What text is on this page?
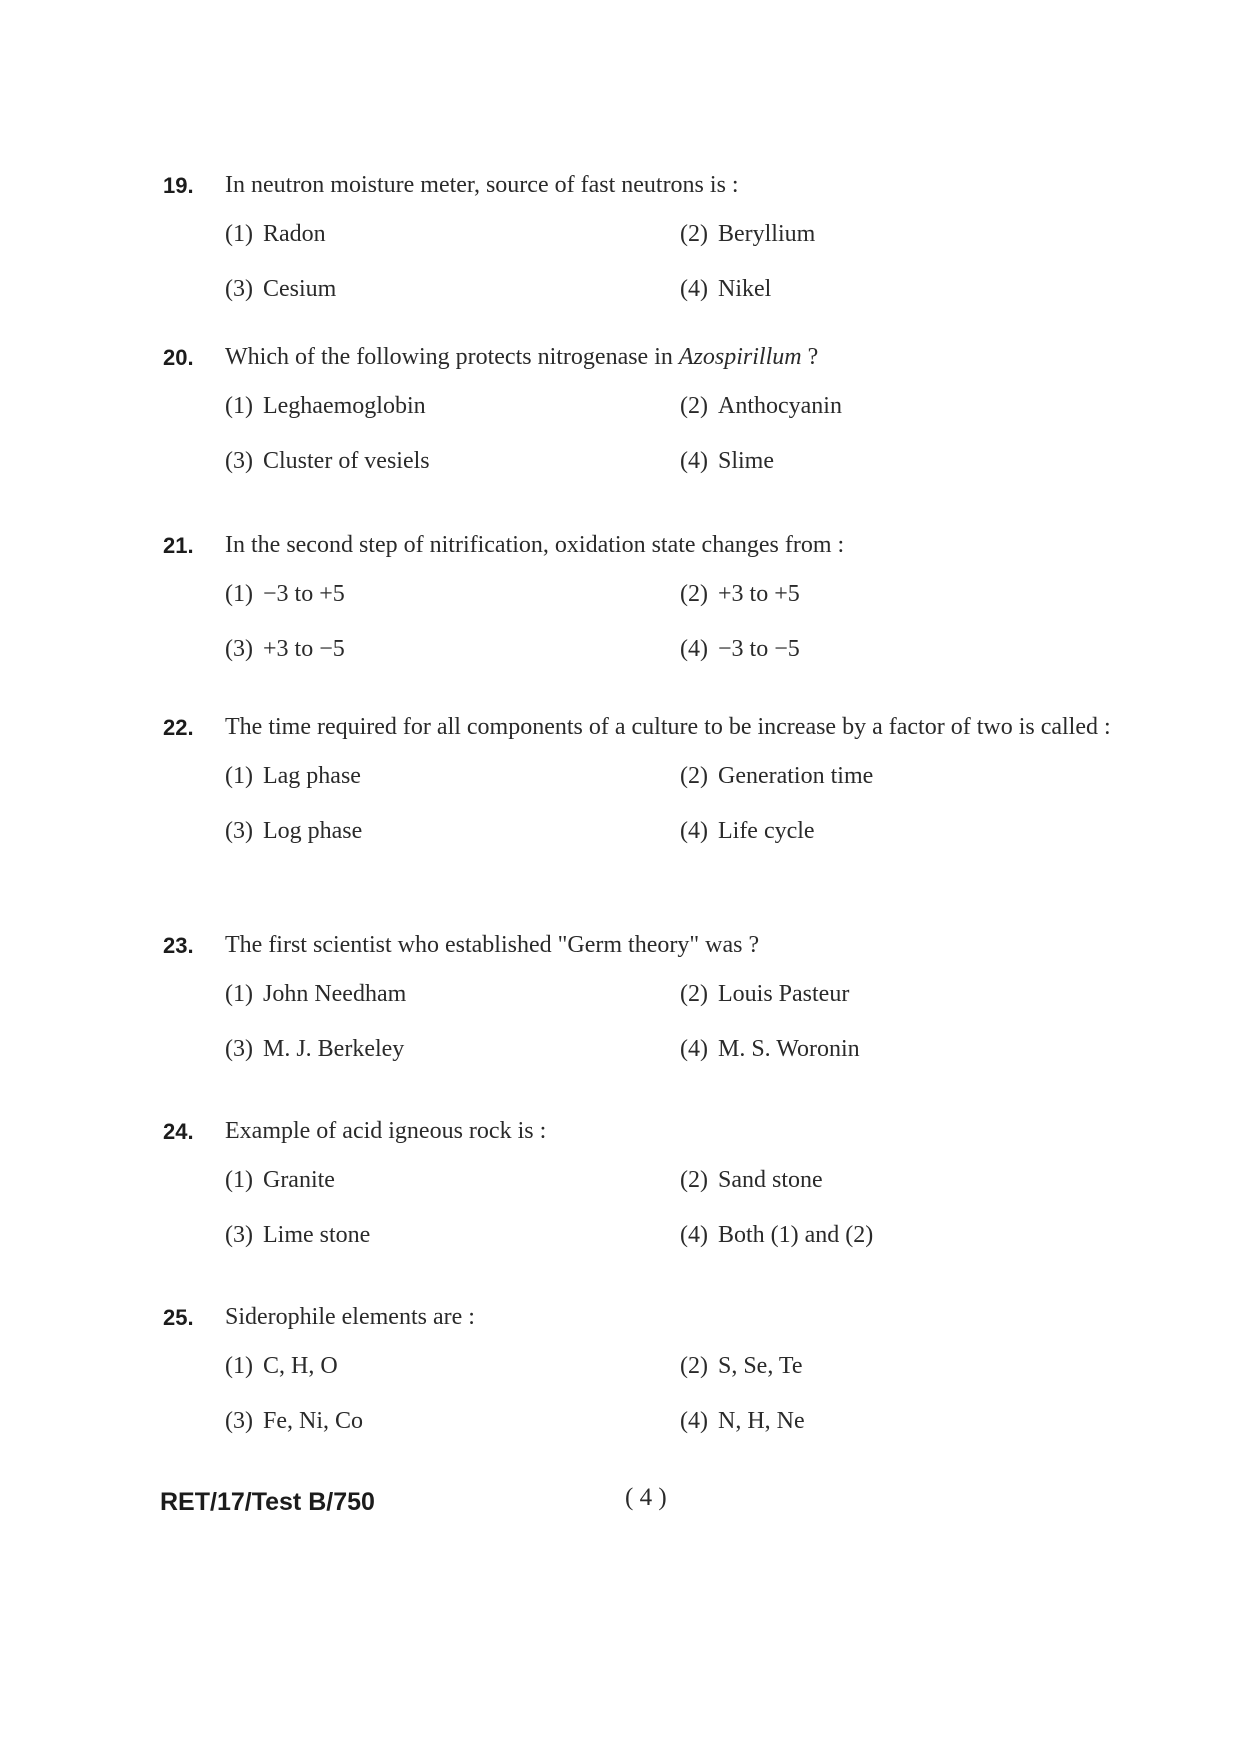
19. In neutron moisture meter, source of fast neutrons is :
(1) Radon	(2) Beryllium
(3) Cesium	(4) Nikel
20. Which of the following protects nitrogenase in Azospirillum ?
(1) Leghaemoglobin	(2) Anthocyanin
(3) Cluster of vesiels	(4) Slime
21. In the second step of nitrification, oxidation state changes from :
(1) −3 to +5	(2) +3 to +5
(3) +3 to −5	(4) −3 to −5
22. The time required for all components of a culture to be increase by a factor of two is called :
(1) Lag phase	(2) Generation time
(3) Log phase	(4) Life cycle
23. The first scientist who established "Germ theory" was ?
(1) John Needham	(2) Louis Pasteur
(3) M. J. Berkeley	(4) M. S. Woronin
24. Example of acid igneous rock is :
(1) Granite	(2) Sand stone
(3) Lime stone	(4) Both (1) and (2)
25. Siderophile elements are :
(1) C, H, O	(2) S, Se, Te
(3) Fe, Ni, Co	(4) N, H, Ne
RET/17/Test B/750	( 4 )
